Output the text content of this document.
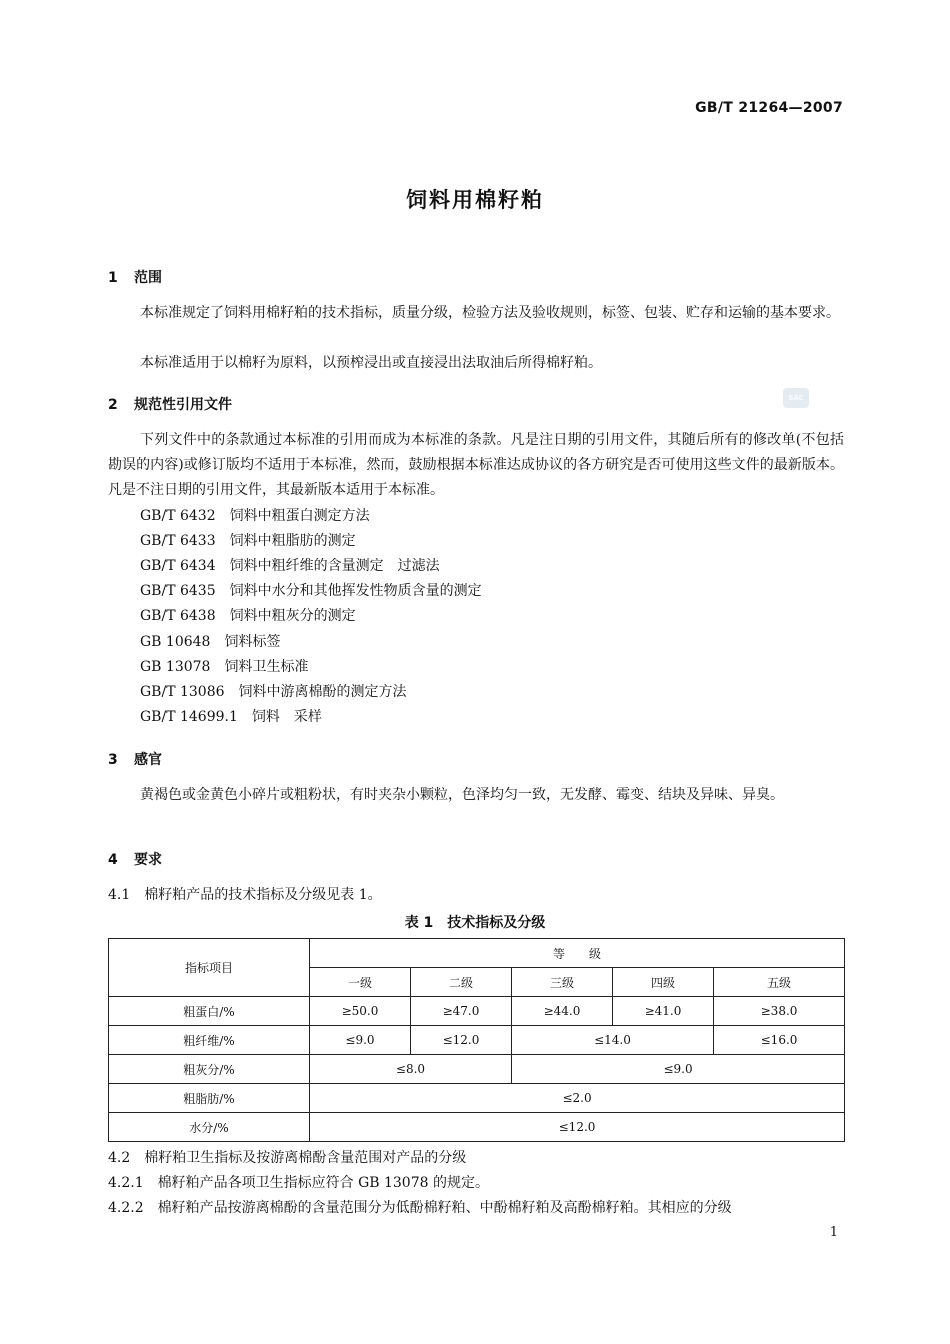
GB/T 21264—2007
饲料用棉籽粕
1 范围
本标准规定了饲料用棉籽粕的技术指标，质量分级，检验方法及验收规则，标签、包装、贮存和运输的基本要求。
本标准适用于以棉籽为原料，以预榨浸出或直接浸出法取油后所得棉籽粕。
SAC
2 规范性引用文件
下列文件中的条款通过本标准的引用而成为本标准的条款。凡是注日期的引用文件，其随后所有的修改单(不包括勘误的内容)或修订版均不适用于本标准，然而，鼓励根据本标准达成协议的各方研究是否可使用这些文件的最新版本。凡是不注日期的引用文件，其最新版本适用于本标准。
GB/T 6432 饲料中粗蛋白测定方法
GB/T 6433 饲料中粗脂肪的测定
GB/T 6434 饲料中粗纤维的含量测定　过滤法
GB/T 6435 饲料中水分和其他挥发性物质含量的测定
GB/T 6438 饲料中粗灰分的测定
GB 10648 饲料标签
GB 13078 饲料卫生标准
GB/T 13086 饲料中游离棉酚的测定方法
GB/T 14699.1 饲料　采样
3 感官
黄褐色或金黄色小碎片或粗粉状，有时夹杂小颗粒，色泽均匀一致，无发酵、霉变、结块及异味、异臭。
4 要求
4.1 棉籽粕产品的技术指标及分级见表 1。
表 1　技术指标及分级
指标项目	等　　级				
	一级	二级	三级	四级	五级
粗蛋白/%	≥50.0	≥47.0	≥44.0	≥41.0	≥38.0
粗纤维/%	≤9.0	≤12.0	≤14.0		≤16.0
粗灰分/%	≤8.0		≤9.0		
粗脂肪/%	≤2.0				
水分/%	≤12.0				
4.2 棉籽粕卫生指标及按游离棉酚含量范围对产品的分级
4.2.1 棉籽粕产品各项卫生指标应符合 GB 13078 的规定。
4.2.2 棉籽粕产品按游离棉酚的含量范围分为低酚棉籽粕、中酚棉籽粕及高酚棉籽粕。其相应的分级
1
